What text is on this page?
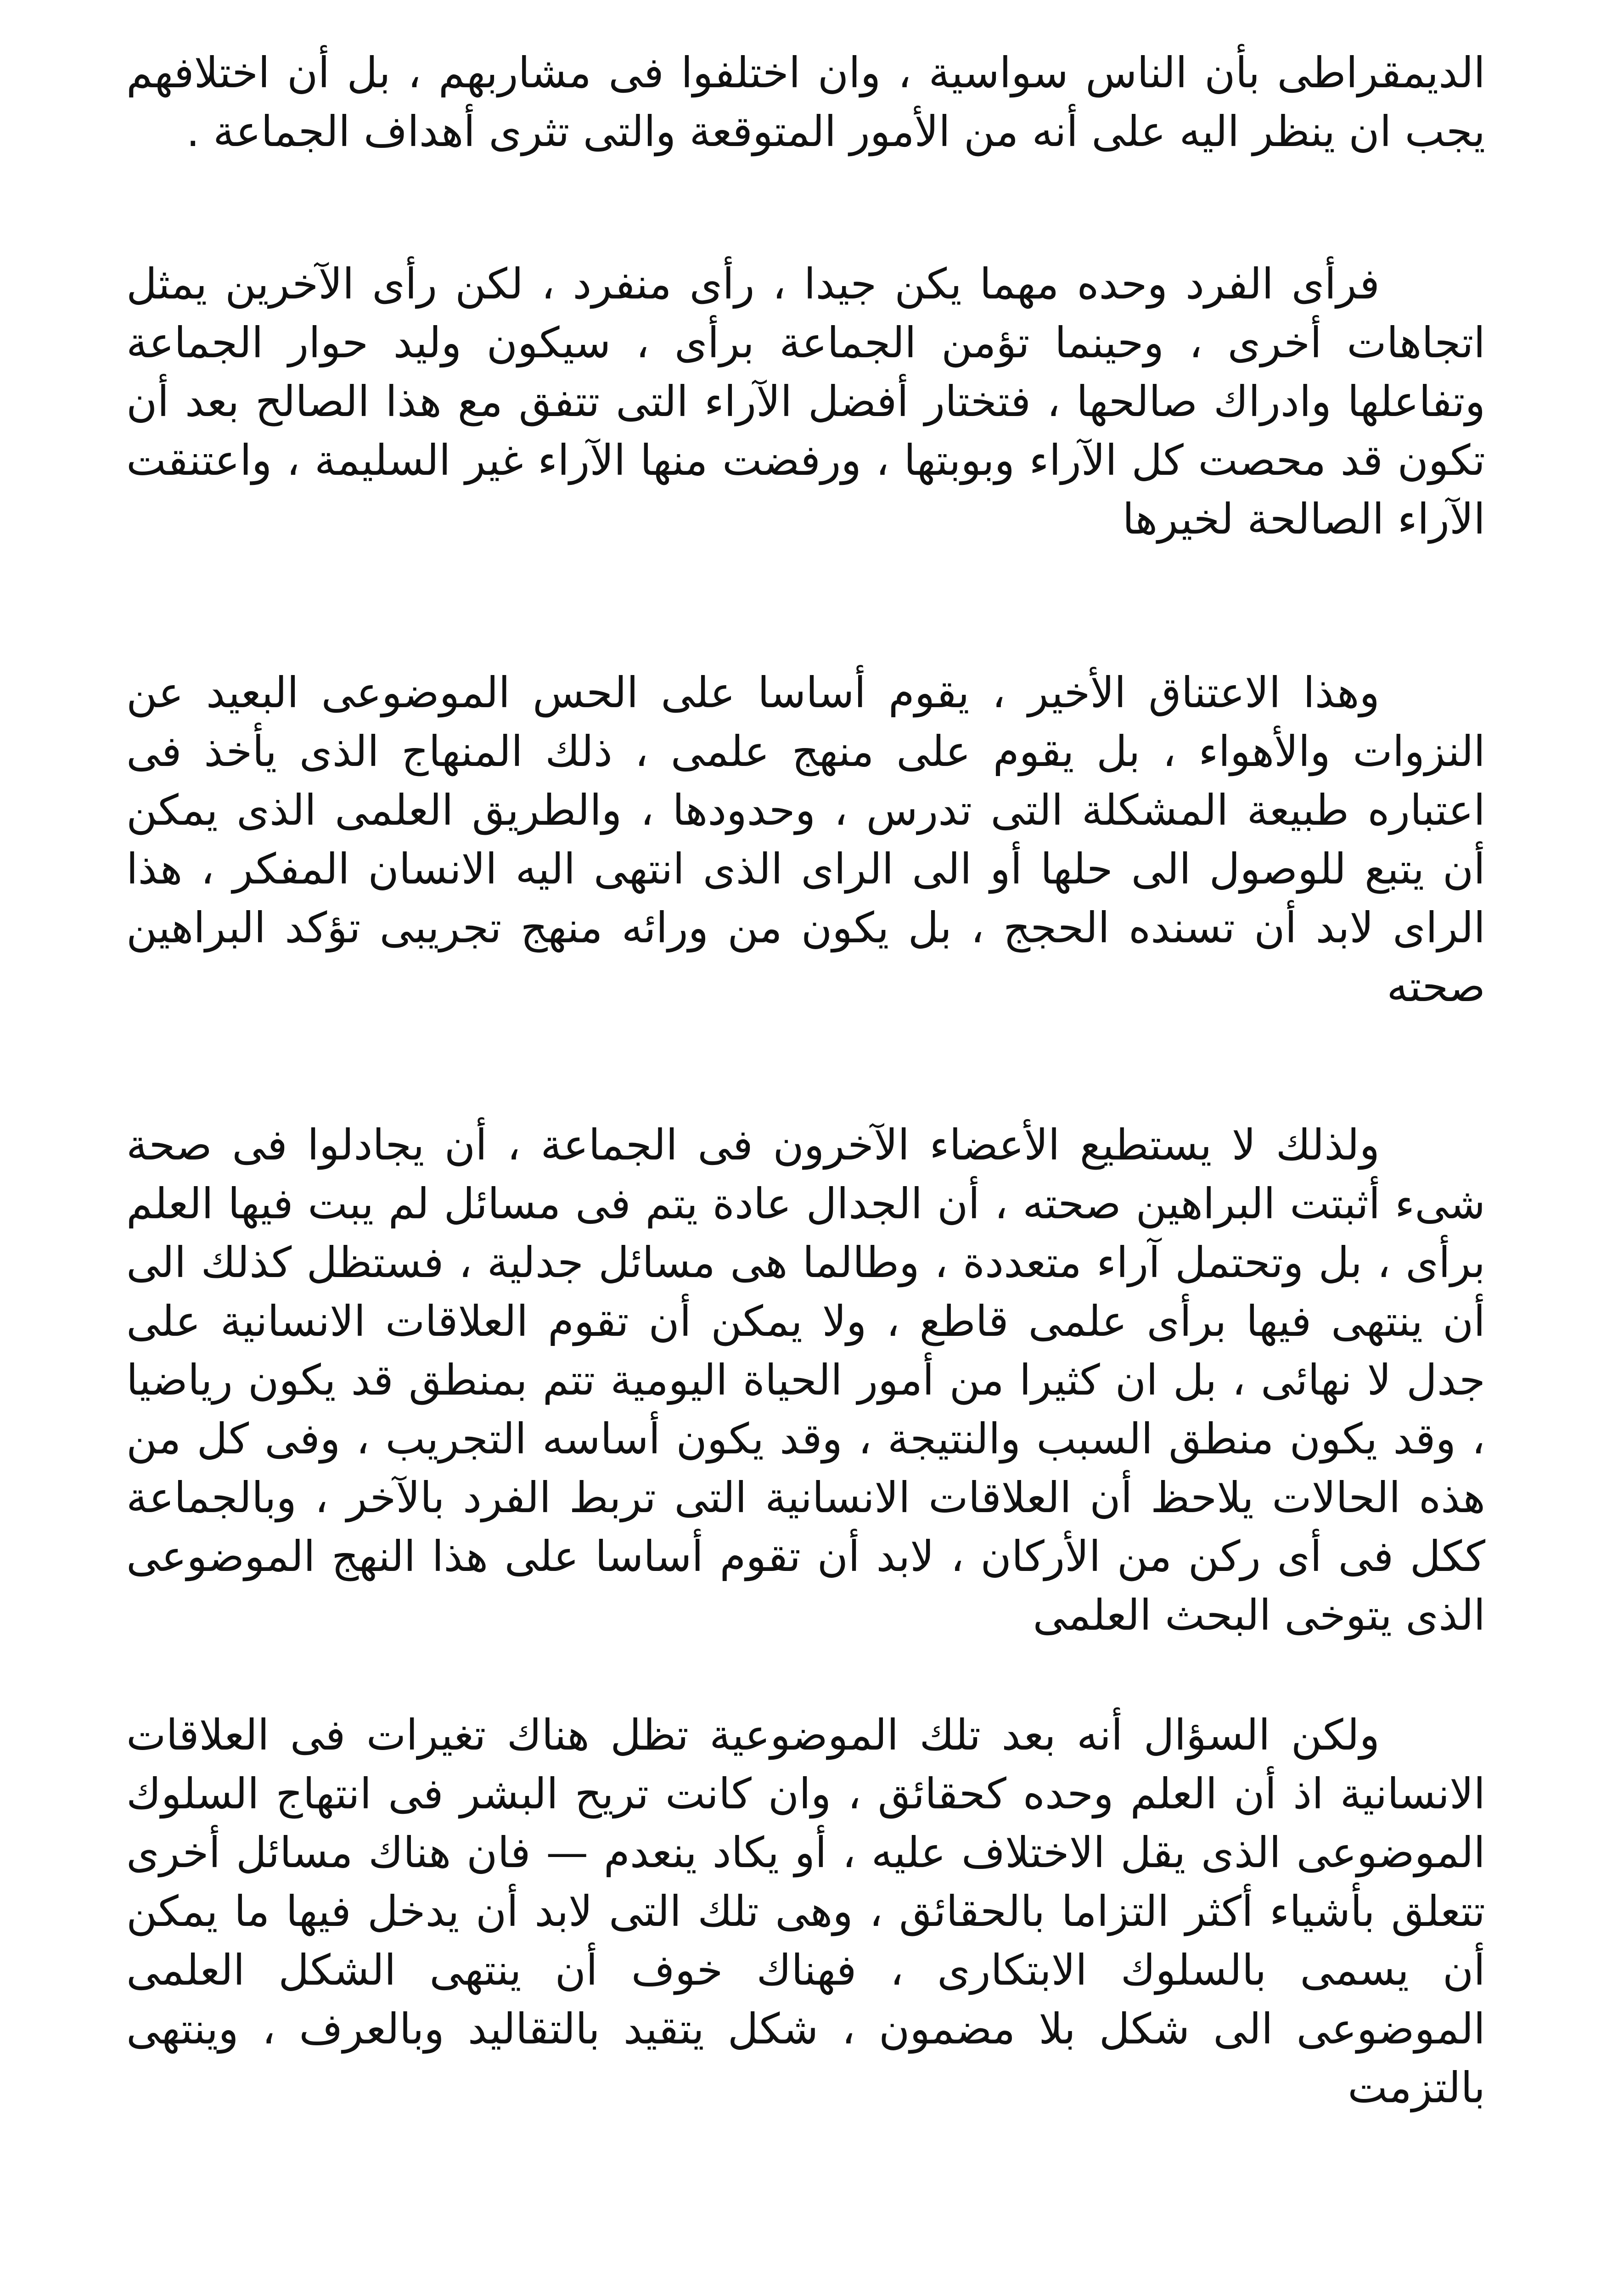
الديمقراطى بأن الناس سواسية ، وان اختلفوا فى مشاربهم ، بل أن اختلافهم يجب ان ينظر اليه على أنه من الأمور المتوقعة والتى تثرى أهداف الجماعة .

فرأى الفرد وحده مهما يكن جيدا ، رأى منفرد ، لكن رأى الآخرين يمثل اتجاهات أخرى ، وحينما تؤمن الجماعة برأى ، سيكون وليد حوار الجماعة وتفاعلها وادراك صالحها ، فتختار أفضل الآراء التى تتفق مع هذا الصالح بعد أن تكون قد محصت كل الآراء وبوبتها ، ورفضت منها الآراء غير السليمة ، واعتنقت الآراء الصالحة لخيرها

وهذا الاعتناق الأخير ، يقوم أساسا على الحس الموضوعى البعيد عن النزوات والأهواء ، بل يقوم على منهج علمى ، ذلك المنهاج الذى يأخذ فى اعتباره طبيعة المشكلة التى تدرس ، وحدودها ، والطريق العلمى الذى يمكن أن يتبع للوصول الى حلها أو الى الراى الذى انتهى اليه الانسان المفكر ، هذا الراى لابد أن تسنده الحجج ، بل يكون من ورائه منهج تجريبى تؤكد البراهين صحته

ولذلك لا يستطيع الأعضاء الآخرون فى الجماعة ، أن يجادلوا فى صحة شىء أثبتت البراهين صحته ، أن الجدال عادة يتم فى مسائل لم يبت فيها العلم برأى ، بل وتحتمل آراء متعددة ، وطالما هى مسائل جدلية ، فستظل كذلك الى أن ينتهى فيها برأى علمى قاطع ، ولا يمكن أن تقوم العلاقات الانسانية على جدل لا نهائى ، بل ان كثيرا من أمور الحياة اليومية تتم بمنطق قد يكون رياضيا ، وقد يكون منطق السبب والنتيجة ، وقد يكون أساسه التجريب ، وفى كل من هذه الحالات يلاحظ أن العلاقات الانسانية التى تربط الفرد بالآخر ، وبالجماعة ككل فى أى ركن من الأركان ، لابد أن تقوم أساسا على هذا النهج الموضوعى الذى يتوخى البحث العلمى

ولكن السؤال أنه بعد تلك الموضوعية تظل هناك تغيرات فى العلاقات الانسانية اذ أن العلم وحده كحقائق ، وان كانت تريح البشر فى انتهاج السلوك الموضوعى الذى يقل الاختلاف عليه ، أو يكاد ينعدم — فان هناك مسائل أخرى تتعلق بأشياء أكثر التزاما بالحقائق ، وهى تلك التى لابد أن يدخل فيها ما يمكن أن يسمى بالسلوك الابتكارى ، فهناك خوف أن ينتهى الشكل العلمى الموضوعى الى شكل بلا مضمون ، شكل يتقيد بالتقاليد وبالعرف ، وينتهى بالتزمت
